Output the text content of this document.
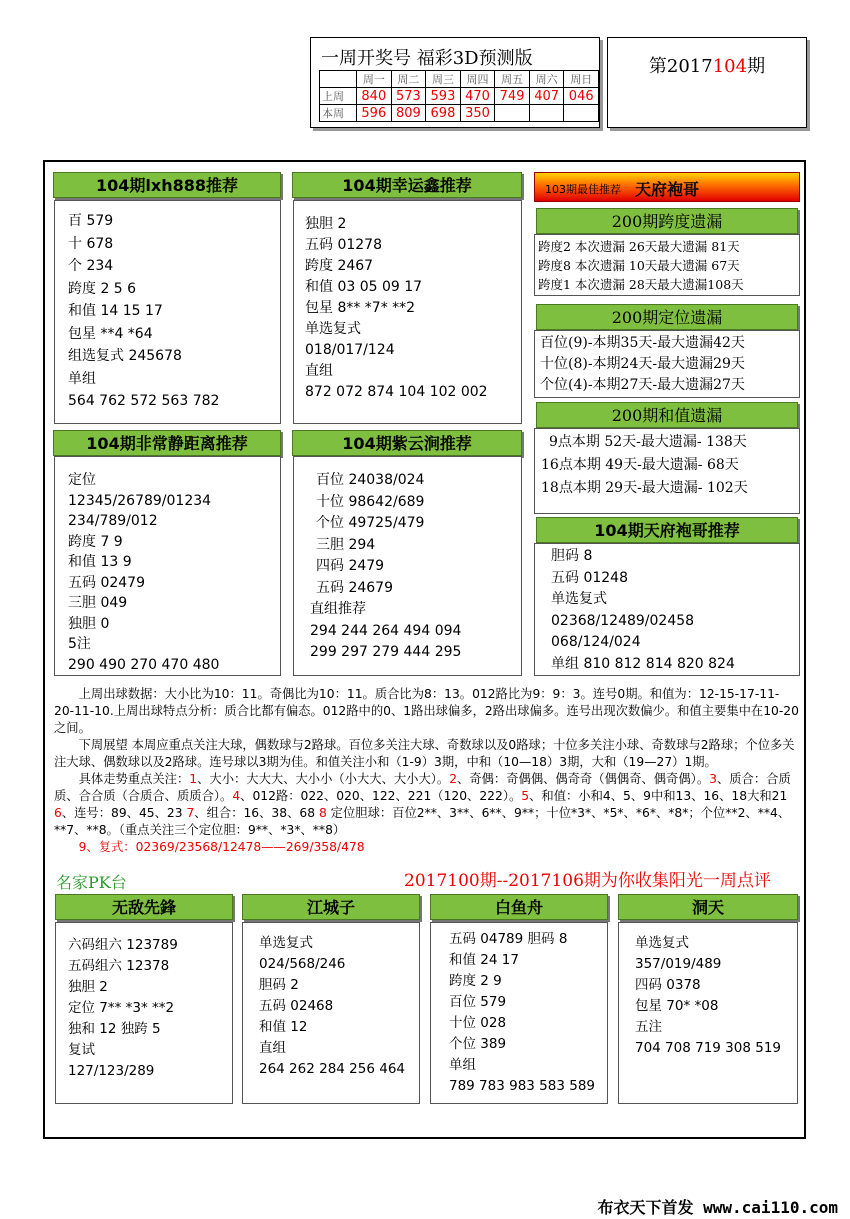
一周开奖号 福彩3D预测版
	周一	周二	周三	周四	周五	周六	周日
上周	840	573	593	470	749	407	046
本周	596	809	698	350			
第2017104期
104期lxh888推荐
百 579
十 678
个 234
跨度 2 5 6
和值 14 15 17
包星 **4 *64
组选复式 245678
单组
564 762 572 563 782
104期幸运鑫推荐
独胆 2
五码 01278
跨度 2467
和值 03 05 09 17
包星 8** *7* **2
单选复式
018/017/124
直组
872 072 874 104 102 002
103期最佳推荐 天府袍哥
200期跨度遗漏
跨度2 本次遗漏 26天最大遗漏 81天
跨度8 本次遗漏 10天最大遗漏 67天
跨度1 本次遗漏 28天最大遗漏108天
200期定位遗漏
百位(9)-本期35天-最大遗漏42天
十位(8)-本期24天-最大遗漏29天
个位(4)-本期27天-最大遗漏27天
200期和值遗漏
9点本期 52天-最大遗漏- 138天
16点本期 49天-最大遗漏- 68天
18点本期 29天-最大遗漏- 102天
104期非常静距离推荐
定位
12345/26789/01234
234/789/012
跨度 7 9
和值 13 9
五码 02479
三胆 049
独胆 0
5注
290 490 270 470 480
104期紫云涧推荐
百位 24038/024
十位 98642/689
个位 49725/479
三胆 294
四码 2479
五码 24679
直组推荐
294 244 264 494 094
299 297 279 444 295
104期天府袍哥推荐
胆码 8
五码 01248
单选复式
02368/12489/02458
068/124/024
单组 810 812 814 820 824
　　上周出球数据：大小比为10：11。奇偶比为10：11。质合比为8：13。012路比为9：9：3。连号0期。和值为：12-15-17-11-20-11-10.上周出球特点分析：质合比都有偏态。012路中的0、1路出球偏多，2路出球偏多。连号出现次数偏少。和值主要集中在10-20之间。
　　下周展望 本周应重点关注大球，偶数球与2路球。百位多关注大球、奇数球以及0路球；十位多关注小球、奇数球与2路球；个位多关注大球、偶数球以及2路球。连号球以3期为佳。和值关注小和（1-9）3期，中和（10—18）3期，大和（19—27）1期。
　　具体走势重点关注：1、大小：大大大、大小小（小大大、大小大）。2、奇偶：奇偶偶、偶奇奇（偶偶奇、偶奇偶）。3、质合：合质质、合合质（合质合、质质合）。4、012路：022、020、122、221（120、222）。5、和值：小和4、5、9中和13、16、18大和21 6、连号：89、45、23 7、组合：16、38、68 8 定位胆球：百位2**、3**、6**、9**；十位*3*、*5*、*6*、*8*；个位**2、**4、**7、**8。（重点关注三个定位胆：9**、*3*、**8）
　　9、复式：02369/23568/12478——269/358/478
名家PK台	2017100期--2017106期为你收集阳光一周点评
无敌先鋒
六码组六 123789
五码组六 12378
独胆 2
定位 7** *3* **2
独和 12 独跨 5
复试
127/123/289
江城子
单选复式
024/568/246
胆码 2
五码 02468
和值 12
直组
264 262 284 256 464
白鱼舟
五码 04789 胆码 8
和值 24 17
跨度 2 9
百位 579
十位 028
个位 389
单组
789 783 983 583 589
洞天
单选复式
357/019/489
四码 0378
包星 70* *08
五注
704 708 719 308 519
布衣天下首发 www.cai110.com
